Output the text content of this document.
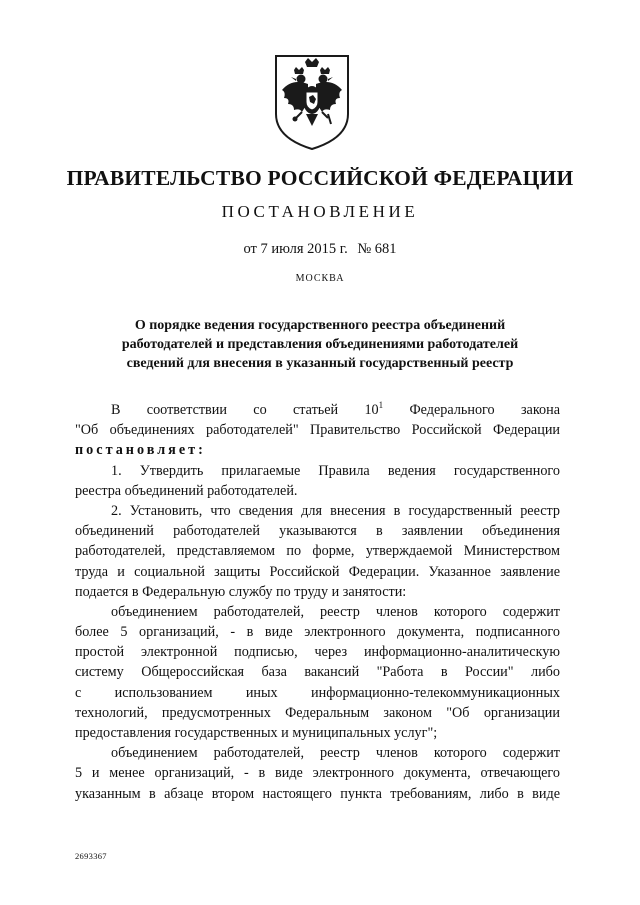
ПРАВИТЕЛЬСТВО РОССИЙСКОЙ ФЕДЕРАЦИИ
ПОСТАНОВЛЕНИЕ
от 7 июля 2015 г. № 681
МОСКВА
О порядке ведения государственного реестра объединений
работодателей и представления объединениями работодателей
сведений для внесения в указанный государственный реестр
В соответствии со статьей $10^1$ Федерального закона
"Об объединениях работодателей" Правительство Российской Федерации
постановляет:
1. Утвердить прилагаемые Правила ведения государственного
реестра объединений работодателей.
2. Установить, что сведения для внесения в государственный реестр
объединений работодателей указываются в заявлении объединения
работодателей, представляемом по форме, утверждаемой Министерством
труда и социальной защиты Российской Федерации. Указанное заявление
подается в Федеральную службу по труду и занятости:
объединением работодателей, реестр членов которого содержит
более 5 организаций, - в виде электронного документа, подписанного
простой электронной подписью, через информационно-аналитическую
систему Общероссийская база вакансий "Работа в России" либо
с использованием иных информационно-телекоммуникационных
технологий, предусмотренных Федеральным законом "Об организации
предоставления государственных и муниципальных услуг";
объединением работодателей, реестр членов которого содержит
5 и менее организаций, - в виде электронного документа, отвечающего
указанным в абзаце втором настоящего пункта требованиям, либо в виде
2693367
